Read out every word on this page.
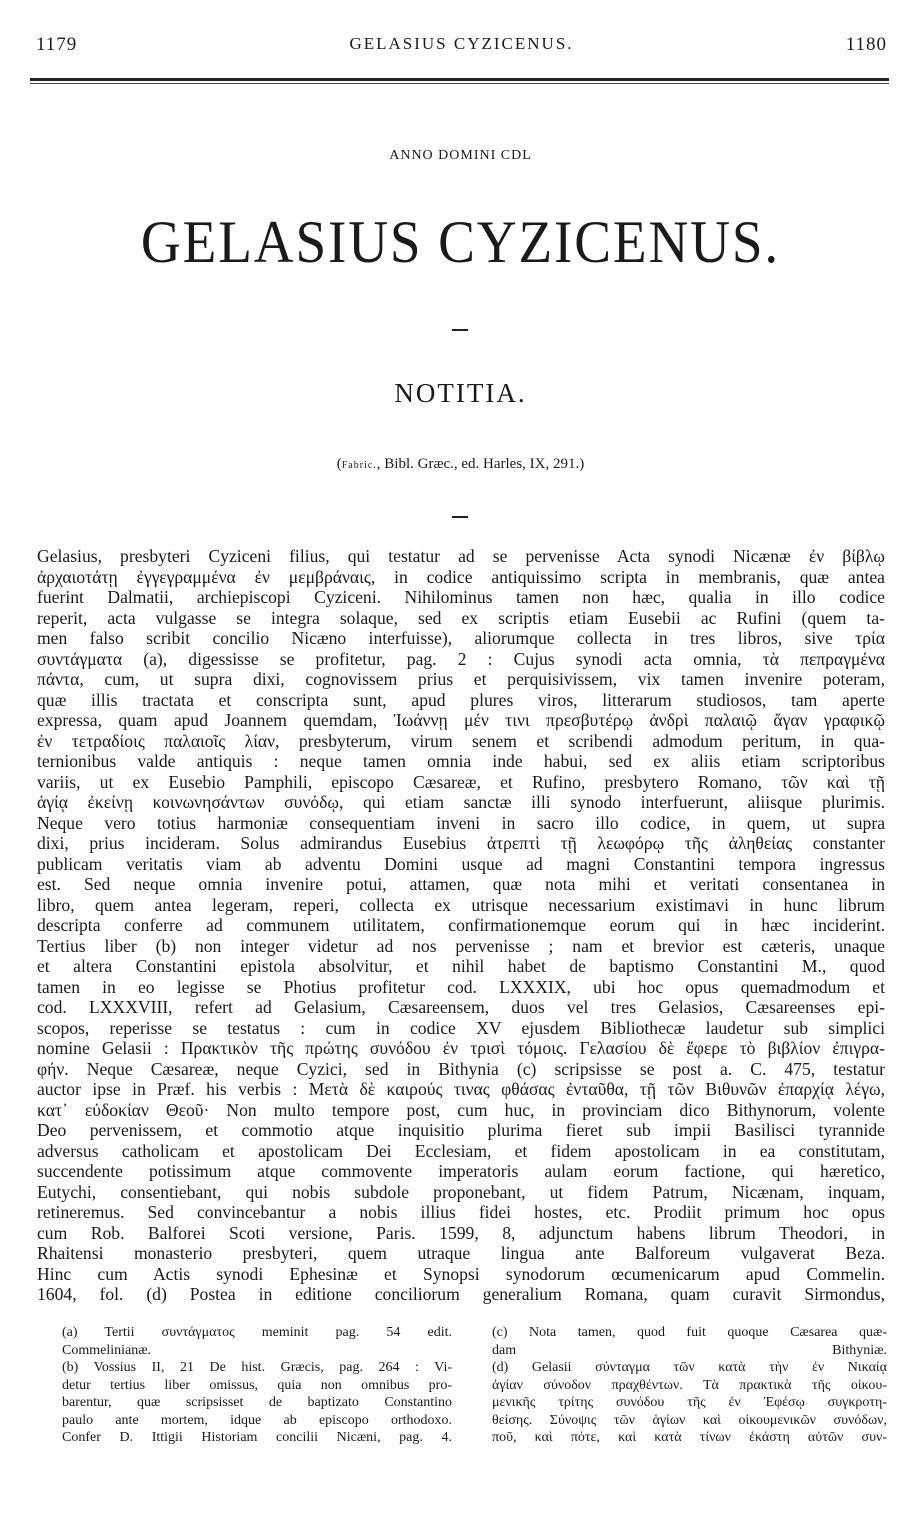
1179	GELASIUS CYZICENUS.	1180
ANNO DOMINI CDL
GELASIUS CYZICENUS.
NOTITIA.
(Fabric., Bibl. Græc., ed. Harles, IX, 291.)
Gelasius, presbyteri Cyziceni filius, qui testatur ad se pervenisse Acta synodi Nicænæ ἐν βίβλῳ
ἀρχαιοτάτῃ ἐγγεγραμμένα ἐν μεμβράναις, in codice antiquissimo scripta in membranis, quæ antea
fuerint Dalmatii, archiepiscopi Cyziceni. Nihilominus tamen non hæc, qualia in illo codice
reperit, acta vulgasse se integra solaque, sed ex scriptis etiam Eusebii ac Rufini (quem ta-
men falso scribit concilio Nicæno interfuisse), aliorumque collecta in tres libros, sive τρία
συντάγματα (a), digessisse se profitetur, pag. 2 : Cujus synodi acta omnia, τὰ πεπραγμένα
πάντα, cum, ut supra dixi, cognovissem prius et perquisivissem, vix tamen invenire poteram,
quæ illis tractata et conscripta sunt, apud plures viros, litterarum studiosos, tam aperte
expressa, quam apud Joannem quemdam, Ἰωάννῃ μέν τινι πρεσβυτέρῳ ἀνδρὶ παλαιῷ ἄγαν γραφικῷ
ἐν τετραδίοις παλαιοῖς λίαν, presbyterum, virum senem et scribendi admodum peritum, in qua-
ternionibus valde antiquis : neque tamen omnia inde habui, sed ex aliis etiam scriptoribus
variis, ut ex Eusebio Pamphili, episcopo Cæsareæ, et Rufino, presbytero Romano, τῶν καὶ τῇ
ἁγίᾳ ἐκείνῃ κοινωνησάντων συνόδῳ, qui etiam sanctæ illi synodo interfuerunt, aliisque plurimis.
Neque vero totius harmoniæ consequentiam inveni in sacro illo codice, in quem, ut supra
dixi, prius incideram. Solus admirandus Eusebius ἀτρεπτὶ τῇ λεωφόρῳ τῆς ἀληθείας constanter
publicam veritatis viam ab adventu Domini usque ad magni Constantini tempora ingressus
est. Sed neque omnia invenire potui, attamen, quæ nota mihi et veritati consentanea in
libro, quem antea legeram, reperi, collecta ex utrisque necessarium existimavi in hunc librum
descripta conferre ad communem utilitatem, confirmationemque eorum qui in hæc inciderint.
Tertius liber (b) non integer videtur ad nos pervenisse ; nam et brevior est cæteris, unaque
et altera Constantini epistola absolvitur, et nihil habet de baptismo Constantini M., quod
tamen in eo legisse se Photius profitetur cod. LXXXIX, ubi hoc opus quemadmodum et
cod. LXXXVIII, refert ad Gelasium, Cæsareensem, duos vel tres Gelasios, Cæsareenses epi-
scopos, reperisse se testatus : cum in codice XV ejusdem Bibliothecæ laudetur sub simplici
nomine Gelasii : Πρακτικὸν τῆς πρώτης συνόδου ἐν τρισὶ τόμοις. Γελασίου δὲ ἔφερε τὸ βιβλίον ἐπιγρα-
φήν. Neque Cæsareæ, neque Cyzici, sed in Bithynia (c) scripsisse se post a. C. 475, testatur
auctor ipse in Præf. his verbis : Μετὰ δὲ καιρούς τινας φθάσας ἐνταῦθα, τῇ τῶν Βιθυνῶν ἐπαρχίᾳ λέγω,
κατ᾽ εὐδοκίαν Θεοῦ· Non multo tempore post, cum huc, in provinciam dico Bithynorum, volente
Deo pervenissem, et commotio atque inquisitio plurima fieret sub impii Basilisci tyrannide
adversus catholicam et apostolicam Dei Ecclesiam, et fidem apostolicam in ea constitutam,
succendente potissimum atque commovente imperatoris aulam eorum factione, qui hæretico,
Eutychi, consentiebant, qui nobis subdole proponebant, ut fidem Patrum, Nicænam, inquam,
retineremus. Sed convincebantur a nobis illius fidei hostes, etc. Prodiit primum hoc opus
cum Rob. Balforei Scoti versione, Paris. 1599, 8, adjunctum habens librum Theodori, in
Rhaitensi monasterio presbyteri, quem utraque lingua ante Balforeum vulgaverat Beza.
Hinc cum Actis synodi Ephesinæ et Synopsi synodorum œcumenicarum apud Commelin.
1604, fol. (d) Postea in editione conciliorum generalium Romana, quam curavit Sirmondus,
(a) Tertii συντάγματος meminit pag. 54 edit.
Commelinianæ.
(b) Vossius II, 21 De hist. Græcis, pag. 264 : Vi-
detur tertius liber omissus, quia non omnibus pro-
barentur, quæ scripsisset de baptizato Constantino
paulo ante mortem, idque ab episcopo orthodoxo.
Confer D. Ittigii Historiam concilii Nicæni, pag. 4.
(c) Nota tamen, quod fuit quoque Cæsarea quæ-
dam Bithyniæ.
(d) Gelasii σύνταγμα τῶν κατὰ τὴν ἐν Νικαίᾳ
ἁγίαν σύνοδον πραχθέντων. Τὰ πρακτικὰ τῆς οἰκου-
μενικῆς τρίτης συνόδου τῆς ἐν Ἐφέσῳ συγκροτη-
θείσης. Σύνοψις τῶν ἁγίων καὶ οἰκουμενικῶν συνόδων,
ποῦ, καὶ πότε, καὶ κατὰ τίνων ἑκάστη αὐτῶν συν-
